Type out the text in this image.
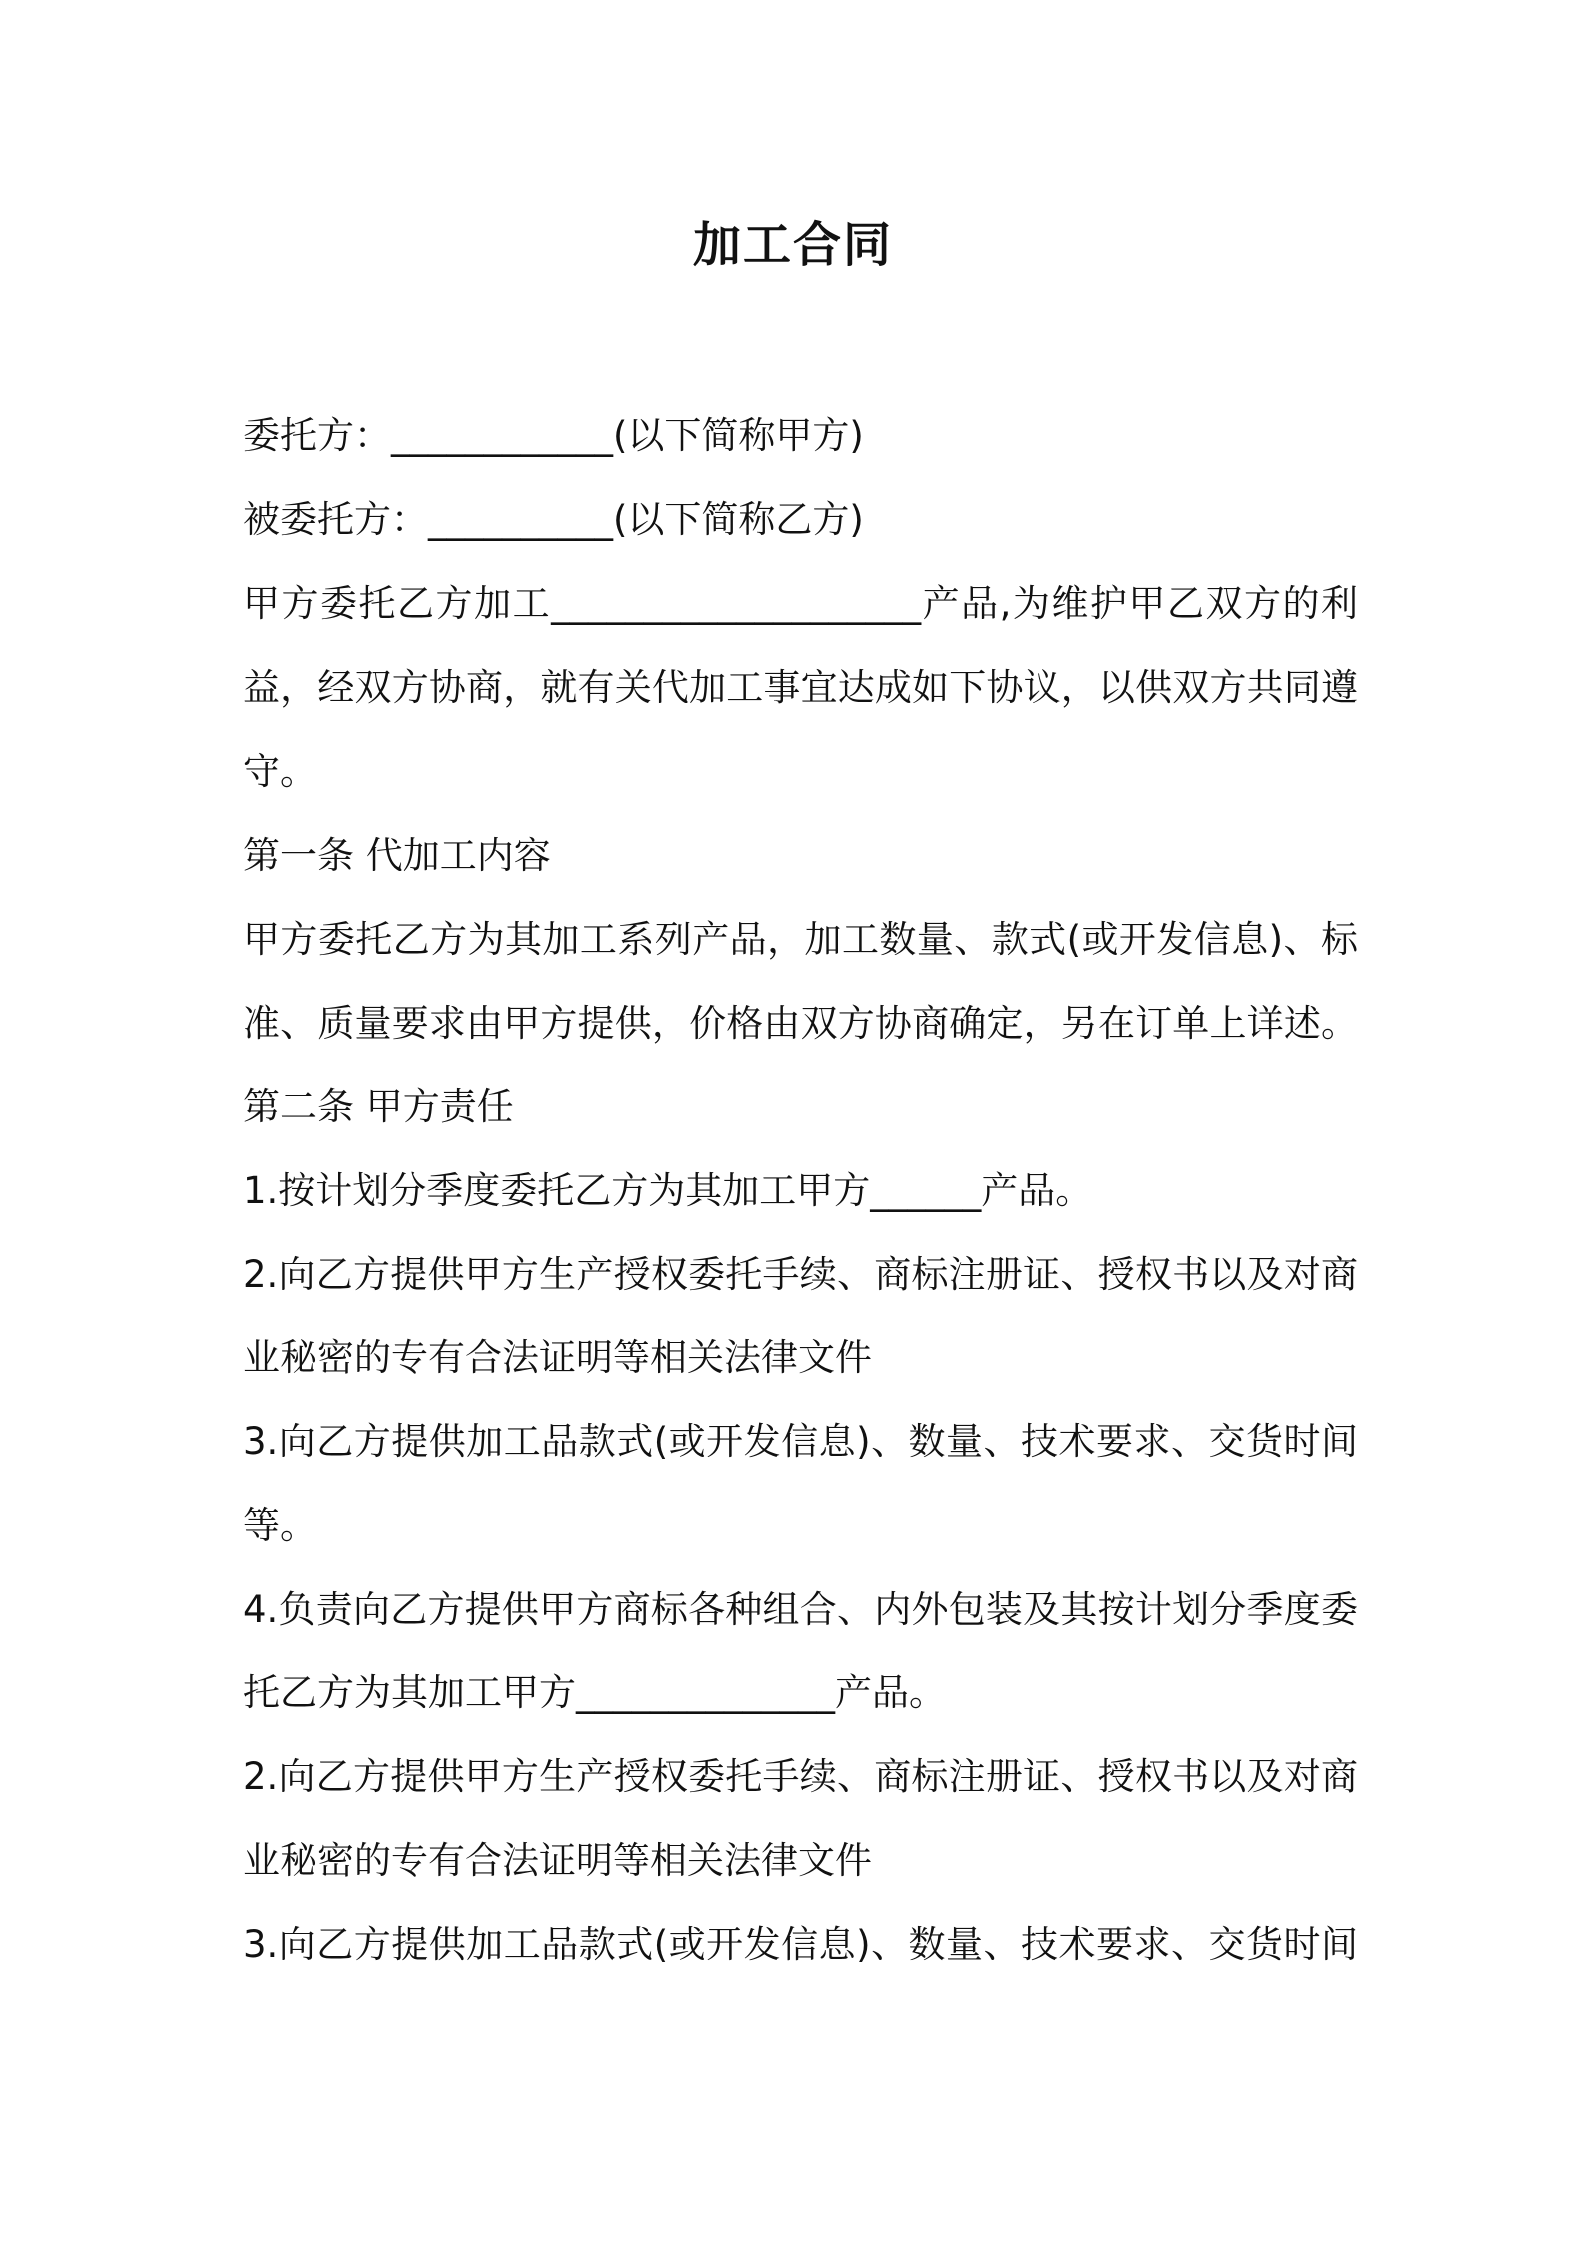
加工合同
委托方：____________(以下简称甲方)
被委托方：__________(以下简称乙方)
甲方委托乙方加工____________________产品,为维护甲乙双方的利
益，经双方协商，就有关代加工事宜达成如下协议，以供双方共同遵
守。
第一条 代加工内容
甲方委托乙方为其加工系列产品，加工数量、款式(或开发信息)、标
准、质量要求由甲方提供，价格由双方协商确定，另在订单上详述。
第二条 甲方责任
1.按计划分季度委托乙方为其加工甲方______产品。
2.向乙方提供甲方生产授权委托手续、商标注册证、授权书以及对商
业秘密的专有合法证明等相关法律文件
3.向乙方提供加工品款式(或开发信息)、数量、技术要求、交货时间
等。
4.负责向乙方提供甲方商标各种组合、内外包装及其按计划分季度委
托乙方为其加工甲方______________产品。
2.向乙方提供甲方生产授权委托手续、商标注册证、授权书以及对商
业秘密的专有合法证明等相关法律文件
3.向乙方提供加工品款式(或开发信息)、数量、技术要求、交货时间
